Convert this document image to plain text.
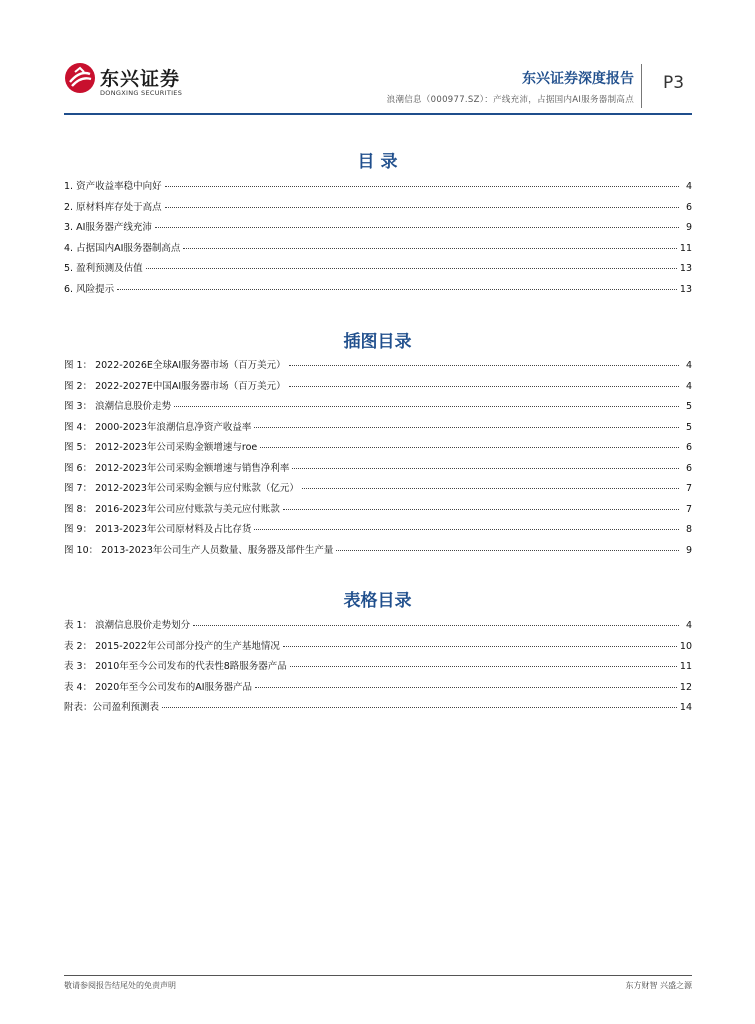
东兴证券
DONGXING SECURITIES
东兴证券深度报告
浪潮信息（000977.SZ）：产线充沛，占据国内AI服务器制高点
P3
目 录
1. 资产收益率稳中向好	4
2. 原材料库存处于高点	6
3. AI服务器产线充沛	9
4. 占据国内AI服务器制高点	11
5. 盈利预测及估值	13
6. 风险提示	13
插图目录
图 1： 2022-2026E全球AI服务器市场（百万美元）	4
图 2： 2022-2027E中国AI服务器市场（百万美元）	4
图 3： 浪潮信息股价走势	5
图 4： 2000-2023年浪潮信息净资产收益率	5
图 5： 2012-2023年公司采购金额增速与roe	6
图 6： 2012-2023年公司采购金额增速与销售净利率	6
图 7： 2012-2023年公司采购金额与应付账款（亿元）	7
图 8： 2016-2023年公司应付账款与美元应付账款	7
图 9： 2013-2023年公司原材料及占比存货	8
图 10： 2013-2023年公司生产人员数量、服务器及部件生产量	9
表格目录
表 1： 浪潮信息股价走势划分	4
表 2： 2015-2022年公司部分投产的生产基地情况	10
表 3： 2010年至今公司发布的代表性8路服务器产品	11
表 4： 2020年至今公司发布的AI服务器产品	12
附表：公司盈利预测表	14
敬请参阅报告结尾处的免责声明	东方财智 兴盛之源
